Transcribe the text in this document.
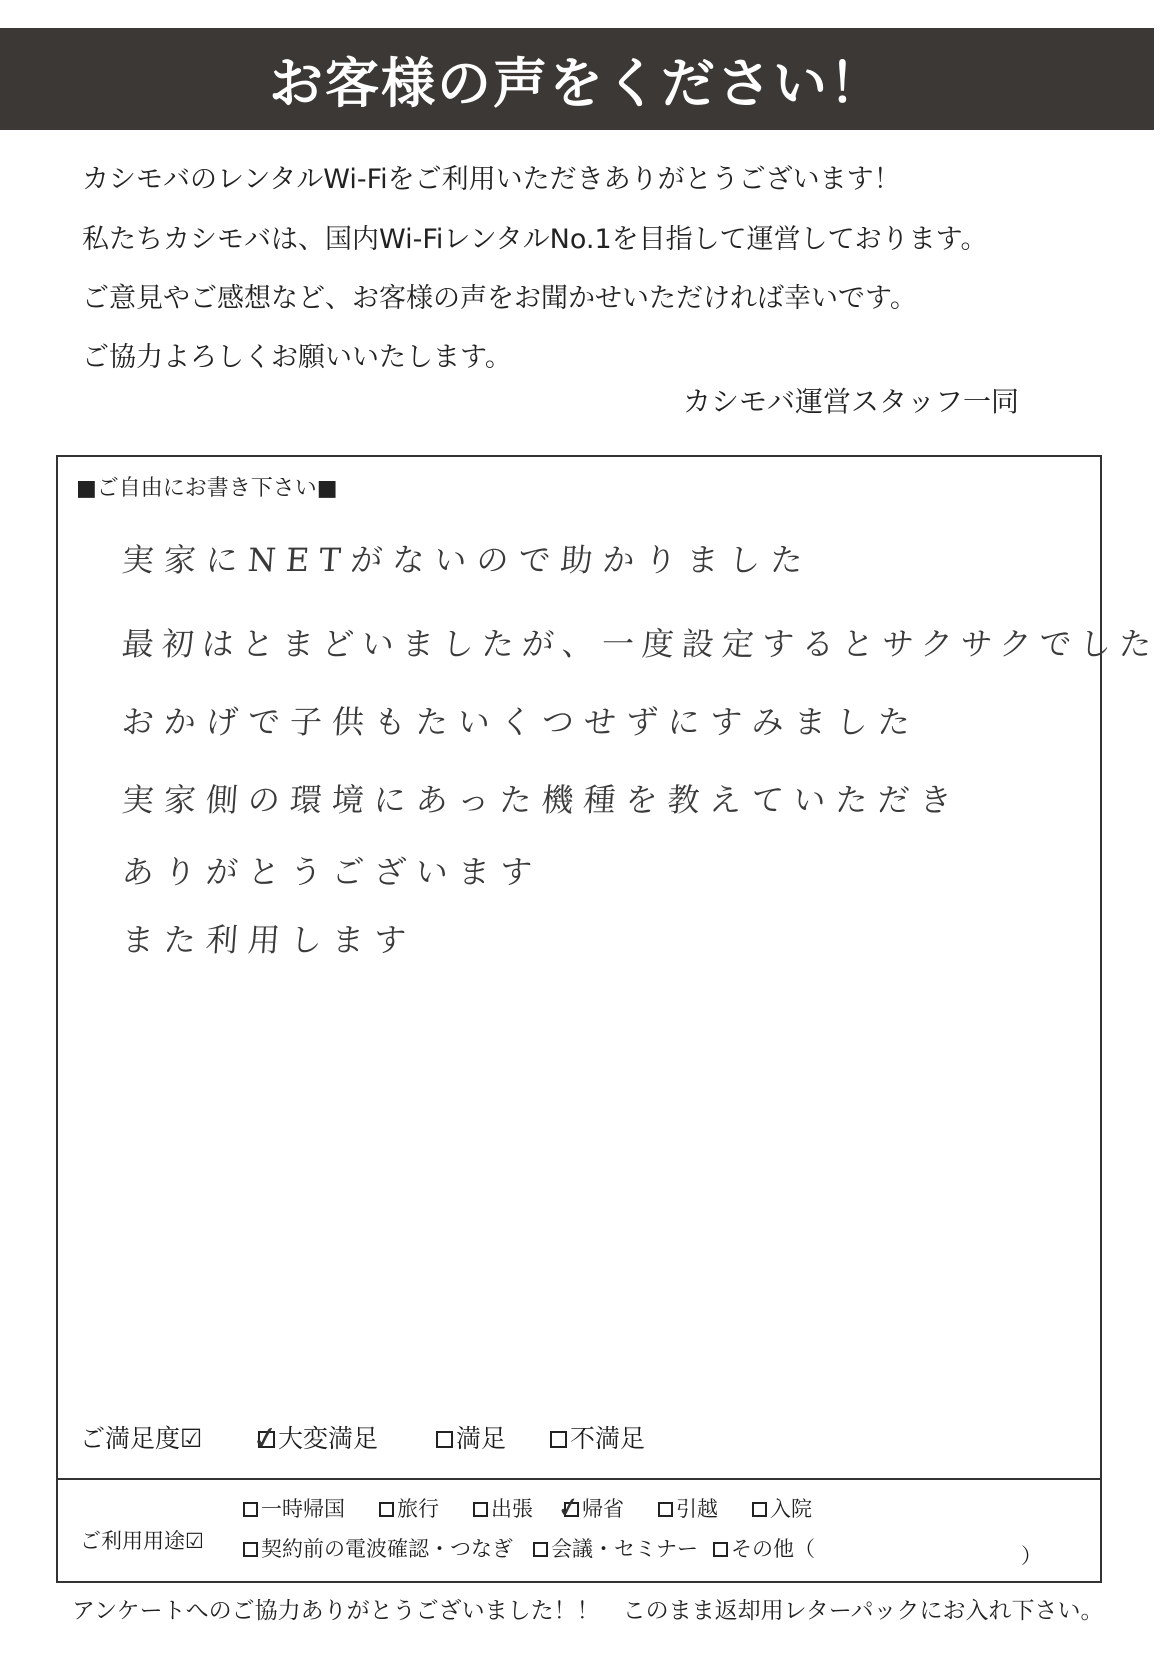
お客様の声をください！
カシモバのレンタルWi-Fiをご利用いただきありがとうございます！
私たちカシモバは、国内Wi-FiレンタルNo.1を目指して運営しております。
ご意見やご感想など、お客様の声をお聞かせいただければ幸いです。
ご協力よろしくお願いいたします。
カシモバ運営スタッフ一同
■ご自由にお書き下さい■
実家にNETがないので助かりました
最初はとまどいましたが、一度設定するとサクサクでした
おかげで子供もたいくつせずにすみました
実家側の環境にあった機種を教えていただき
ありがとうございます
また利用します
ご満足度☑ ✓
大変満足	満足	不満足
ご利用用途☑
一時帰国	旅行	出張 ✓ 帰省	引越	入院
契約前の電波確認・つなぎ	会議・セミナー	その他（	）
アンケートへのご協力ありがとうございました！！　このまま返却用レターパックにお入れ下さい。
